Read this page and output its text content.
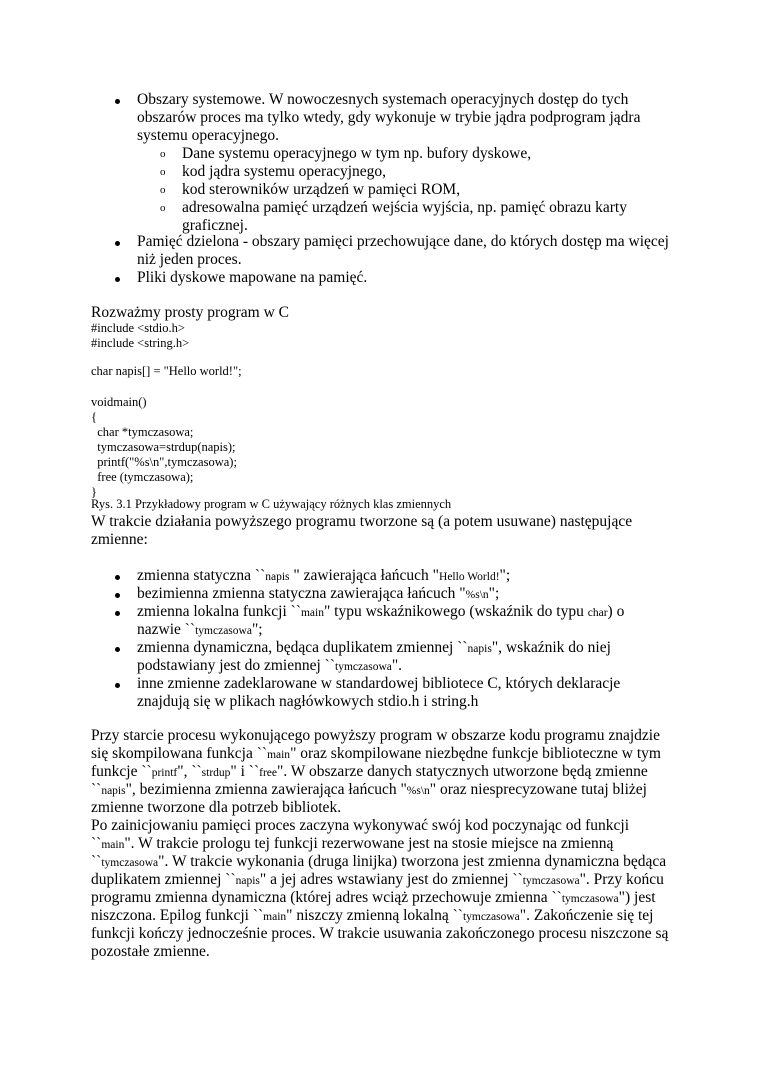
Obszary systemowe. W nowoczesnych systemach operacyjnych dostęp do tych
obszarów proces ma tylko wtedy, gdy wykonuje w trybie jądra podprogram jądra
systemu operacyjnego.
o Dane systemu operacyjnego w tym np. bufory dyskowe,
o kod jądra systemu operacyjnego,
o kod sterowników urządzeń w pamięci ROM,
o adresowalna pamięć urządzeń wejścia wyjścia, np. pamięć obrazu karty
graficznej.
Pamięć dzielona - obszary pamięci przechowujące dane, do których dostęp ma więcej
niż jeden proces.
Pliki dyskowe mapowane na pamięć.
Rozważmy prosty program w C
#include <stdio.h>
#include <string.h>
char napis[] = "Hello world!";
voidmain()
{
char *tymczasowa;
tymczasowa=strdup(napis);
printf("%s\n",tymczasowa);
free (tymczasowa);
}
Rys. 3.1 Przykładowy program w C używający różnych klas zmiennych
W trakcie działania powyższego programu tworzone są (a potem usuwane) następujące
zmienne:
zmienna statyczna ``napis " zawierająca łańcuch "Hello World!";
bezimienna zmienna statyczna zawierająca łańcuch "%s\n";
zmienna lokalna funkcji ``main" typu wskaźnikowego (wskaźnik do typu char) o
nazwie ``tymczasowa";
zmienna dynamiczna, będąca duplikatem zmiennej ``napis", wskaźnik do niej
podstawiany jest do zmiennej ``tymczasowa".
inne zmienne zadeklarowane w standardowej bibliotece C, których deklaracje
znajdują się w plikach nagłówkowych stdio.h i string.h
Przy starcie procesu wykonującego powyższy program w obszarze kodu programu znajdzie
się skompilowana funkcja ``main" oraz skompilowane niezbędne funkcje biblioteczne w tym
funkcje ``printf", ``strdup" i ``free". W obszarze danych statycznych utworzone będą zmienne
``napis", bezimienna zmienna zawierająca łańcuch "%s\n" oraz niesprecyzowane tutaj bliżej
zmienne tworzone dla potrzeb bibliotek.
Po zainicjowaniu pamięci proces zaczyna wykonywać swój kod poczynając od funkcji
``main". W trakcie prologu tej funkcji rezerwowane jest na stosie miejsce na zmienną
``tymczasowa". W trakcie wykonania (druga linijka) tworzona jest zmienna dynamiczna będąca
duplikatem zmiennej ``napis" a jej adres wstawiany jest do zmiennej ``tymczasowa". Przy końcu
programu zmienna dynamiczna (której adres wciąż przechowuje zmienna ``tymczasowa") jest
niszczona. Epilog funkcji ``main" niszczy zmienną lokalną ``tymczasowa". Zakończenie się tej
funkcji kończy jednocześnie proces. W trakcie usuwania zakończonego procesu niszczone są
pozostałe zmienne.
